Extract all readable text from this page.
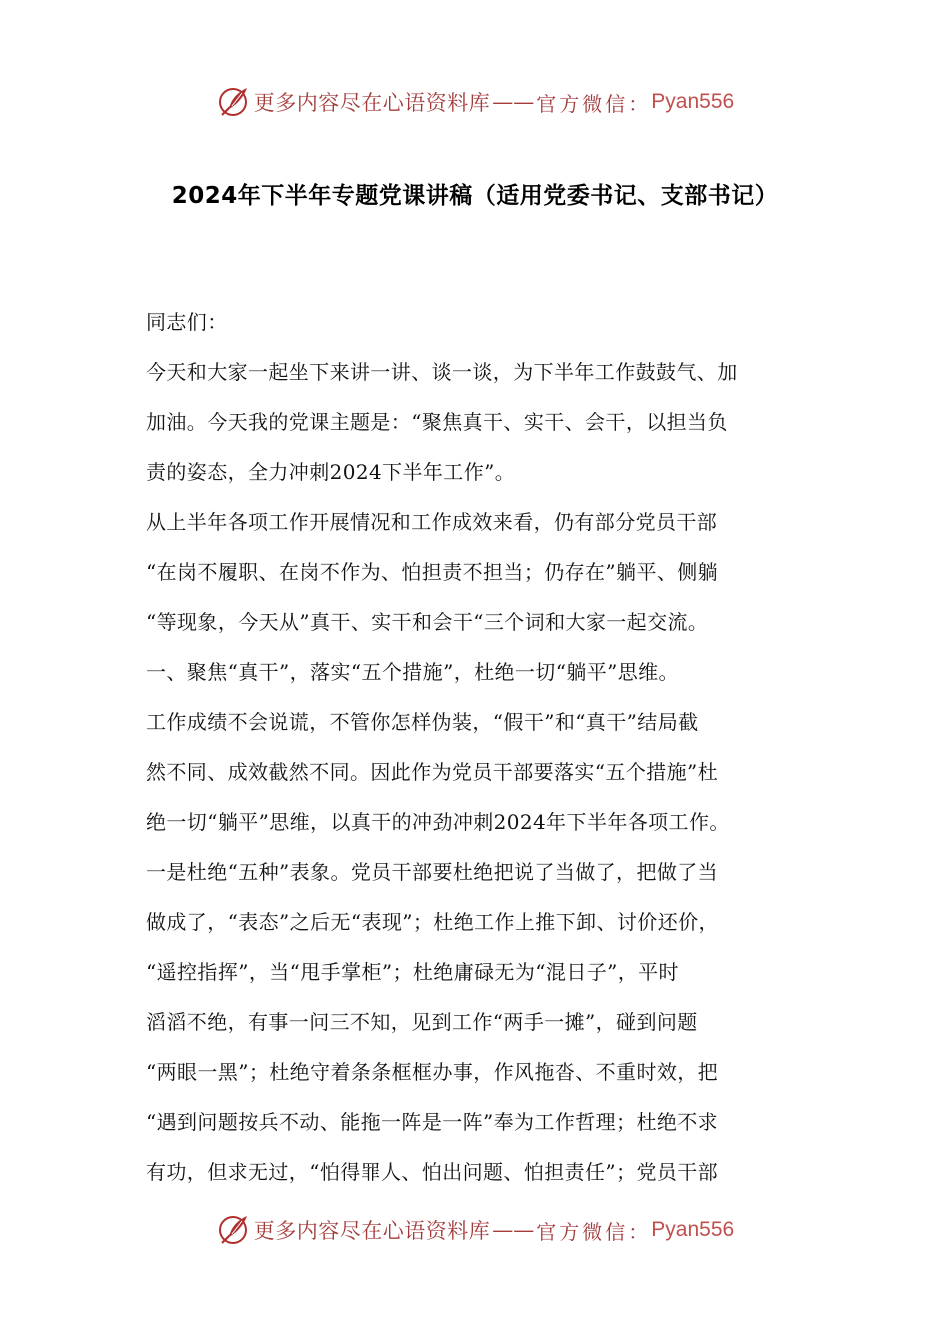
更多内容尽在心语资料库 —— 官方微信： Pyan556
2024年下半年专题党课讲稿（适用党委书记、支部书记）
同志们：
今天和大家一起坐下来讲一讲、谈一谈，为下半年工作鼓鼓气、加
加油。今天我的党课主题是：“聚焦真干、实干、会干，以担当负
责的姿态，全力冲刺2024下半年工作”。
从上半年各项工作开展情况和工作成效来看，仍有部分党员干部
“在岗不履职、在岗不作为、怕担责不担当；仍存在”躺平、侧躺
“等现象，今天从”真干、实干和会干“三个词和大家一起交流。
一、聚焦“真干”，落实“五个措施”，杜绝一切“躺平”思维。
工作成绩不会说谎，不管你怎样伪装，“假干”和“真干”结局截
然不同、成效截然不同。因此作为党员干部要落实“五个措施”杜
绝一切“躺平”思维，以真干的冲劲冲刺2024年下半年各项工作。
一是杜绝“五种”表象。党员干部要杜绝把说了当做了，把做了当
做成了，“表态”之后无“表现”；杜绝工作上推下卸、讨价还价，
“遥控指挥”，当“甩手掌柜”；杜绝庸碌无为“混日子”，平时
滔滔不绝，有事一问三不知，见到工作“两手一摊”，碰到问题
“两眼一黑”；杜绝守着条条框框办事，作风拖沓、不重时效，把
“遇到问题按兵不动、能拖一阵是一阵”奉为工作哲理；杜绝不求
有功，但求无过，“怕得罪人、怕出问题、怕担责任”；党员干部
更多内容尽在心语资料库 —— 官方微信： Pyan556
